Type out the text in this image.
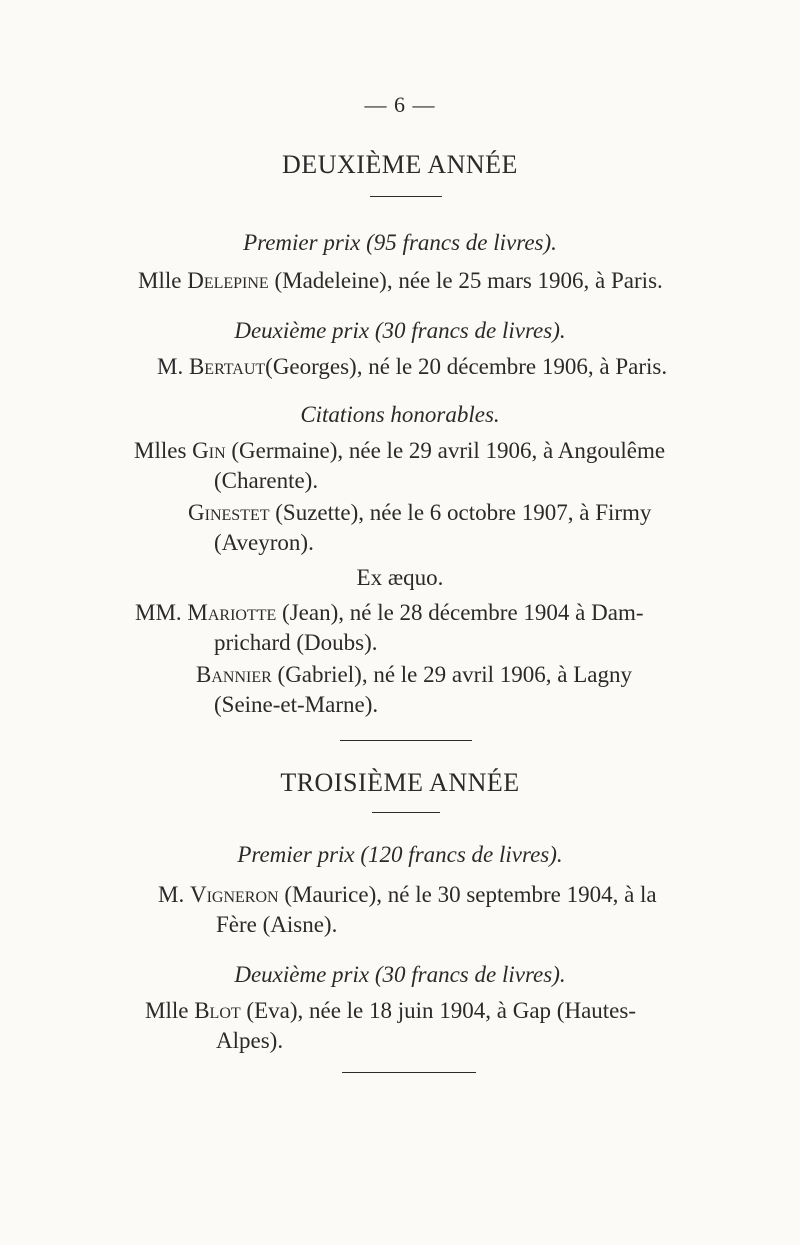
— 6 —
DEUXIÈME ANNÉE
Premier prix (95 francs de livres).
Mlle Delepine (Madeleine), née le 25 mars 1906, à Paris.
Deuxième prix (30 francs de livres).
M. Bertaut(Georges), né le 20 décembre 1906, à Paris.
Citations honorables.
Mlles Gin (Germaine), née le 29 avril 1906, à Angoulême
(Charente).
Ginestet (Suzette), née le 6 octobre 1907, à Firmy
(Aveyron).
Ex æquo.
MM. Mariotte (Jean), né le 28 décembre 1904 à Dam-
prichard (Doubs).
Bannier (Gabriel), né le 29 avril 1906, à Lagny
(Seine-et-Marne).
TROISIÈME ANNÉE
Premier prix (120 francs de livres).
M. Vigneron (Maurice), né le 30 septembre 1904, à la
Fère (Aisne).
Deuxième prix (30 francs de livres).
Mlle Blot (Eva), née le 18 juin 1904, à Gap (Hautes-
Alpes).
